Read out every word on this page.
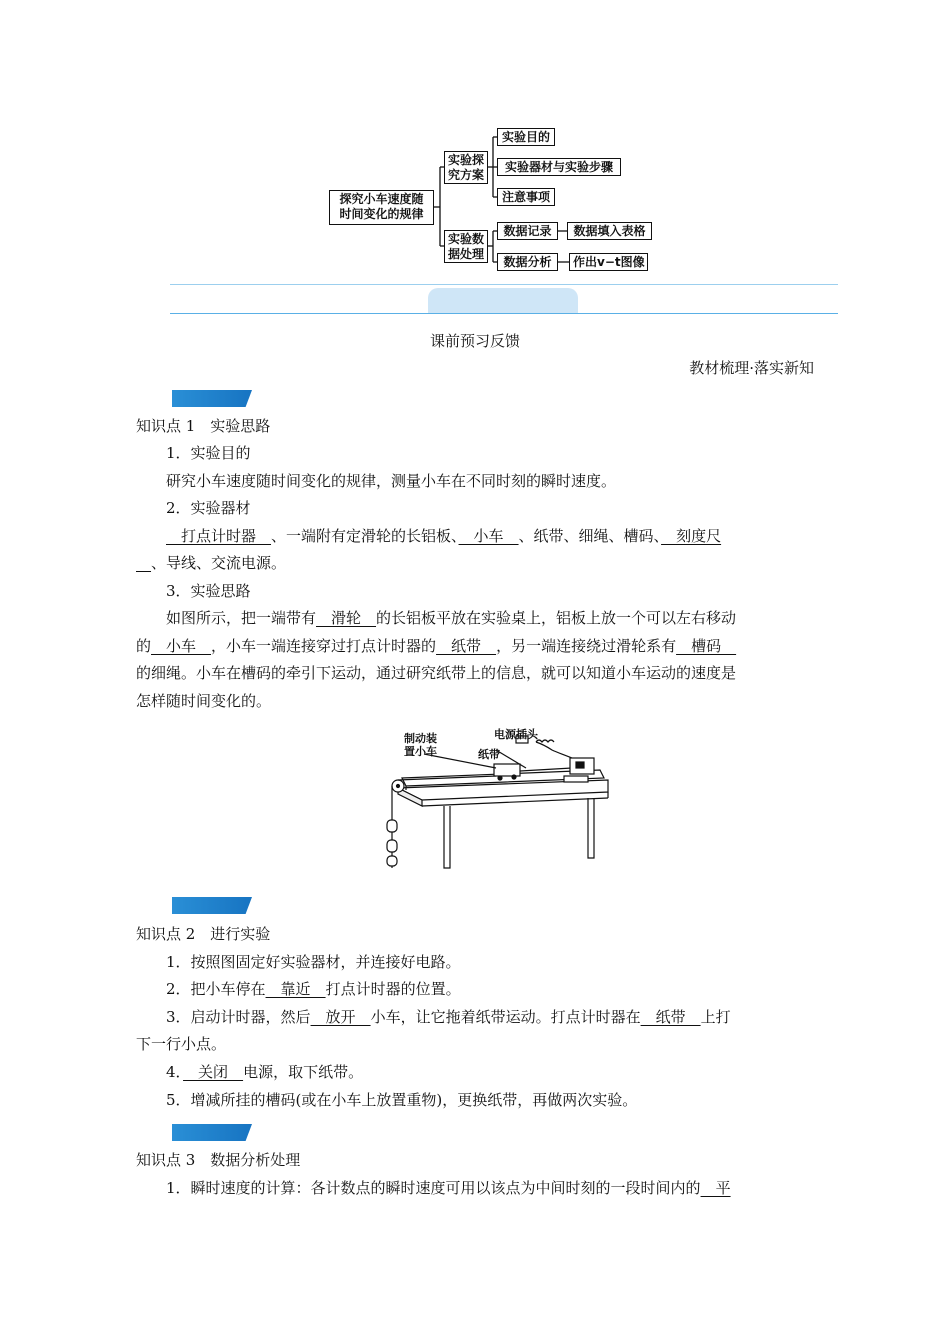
探究小车速度随
时间变化的规律
实验探
究方案
实验目的
实验器材与实验步骤
注意事项
实验数
据处理
数据记录
数据分析
数据填入表格
作出v−t图像
课前预习反馈
教材梳理·落实新知
知识点 1　实验思路
1．实验目的
研究小车速度随时间变化的规律，测量小车在不同时刻的瞬时速度。
2．实验器材
　打点计时器　、一端附有定滑轮的长铝板、　小车　、纸带、细绳、槽码、　刻度尺
　、导线、交流电源。
3．实验思路
如图所示，把一端带有　滑轮　的长铝板平放在实验桌上，铝板上放一个可以左右移动
的　小车　，小车一端连接穿过打点计时器的　纸带　，另一端连接绕过滑轮系有　槽码　
的细绳。小车在槽码的牵引下运动，通过研究纸带上的信息，就可以知道小车运动的速度是
怎样随时间变化的。
制动装
置小车
电源插头
纸带
知识点 2　进行实验
1．按照图固定好实验器材，并连接好电路。
2．把小车停在　靠近　打点计时器的位置。
3．启动计时器，然后　放开　小车，让它拖着纸带运动。打点计时器在　纸带　上打
下一行小点。
4．　关闭　电源，取下纸带。
5．增减所挂的槽码(或在小车上放置重物)，更换纸带，再做两次实验。
知识点 3　数据分析处理
1．瞬时速度的计算：各计数点的瞬时速度可用以该点为中间时刻的一段时间内的　平
